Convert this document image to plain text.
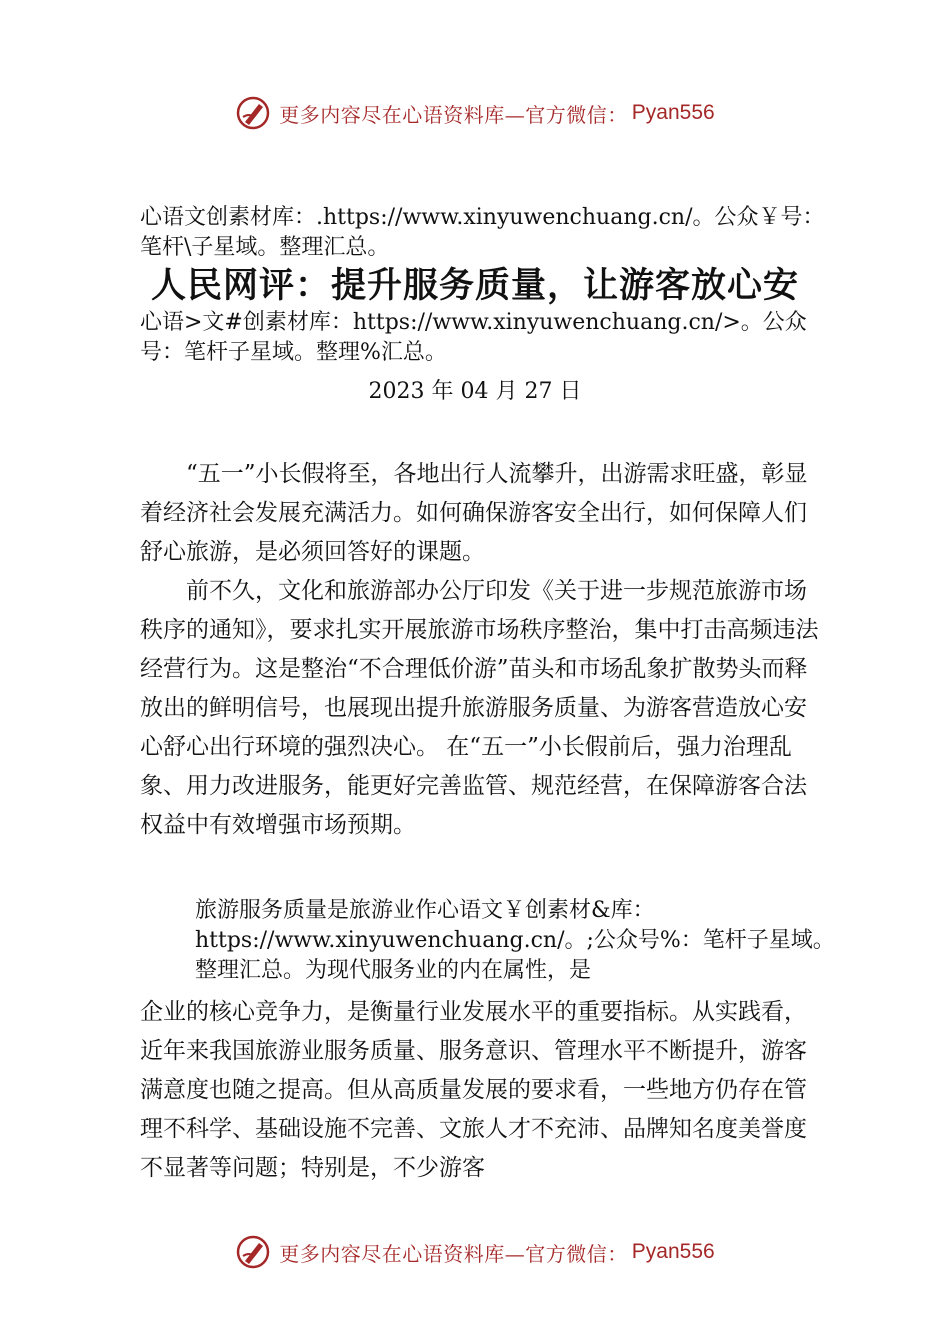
更多内容尽在心语资料库—官方微信： Pyan556
心语文创素材库：.https://www.xinyuwenchuang.cn/。公众￥号：笔杆\子星域。整理汇总。
人民网评：提升服务质量，让游客放心安
心语>文#创素材库：https://www.xinyuwenchuang.cn/>。公众号：笔杆子星域。整理%汇总。
2023 年 04 月 27 日
“五一”小长假将至，各地出行人流攀升，出游需求旺盛，彰显着经济社会发展充满活力。如何确保游客安全出行，如何保障人们舒心旅游，是必须回答好的课题。
前不久，文化和旅游部办公厅印发《关于进一步规范旅游市场秩序的通知》，要求扎实开展旅游市场秩序整治，集中打击高频违法经营行为。这是整治“不合理低价游”苗头和市场乱象扩散势头而释放出的鲜明信号，也展现出提升旅游服务质量、为游客营造放心安心舒心出行环境的强烈决心。 在“五一”小长假前后，强力治理乱象、用力改进服务，能更好完善监管、规范经营，在保障游客合法权益中有效增强市场预期。
旅游服务质量是旅游业作心语文￥创素材&库：https://www.xinyuwenchuang.cn/。;公众号%：笔杆子星域。整理汇总。为现代服务业的内在属性，是
企业的核心竞争力，是衡量行业发展水平的重要指标。从实践看，近年来我国旅游业服务质量、服务意识、管理水平不断提升，游客满意度也随之提高。但从高质量发展的要求看，一些地方仍存在管理不科学、基础设施不完善、文旅人才不充沛、品牌知名度美誉度不显著等问题；特别是，不少游客
更多内容尽在心语资料库—官方微信： Pyan556
